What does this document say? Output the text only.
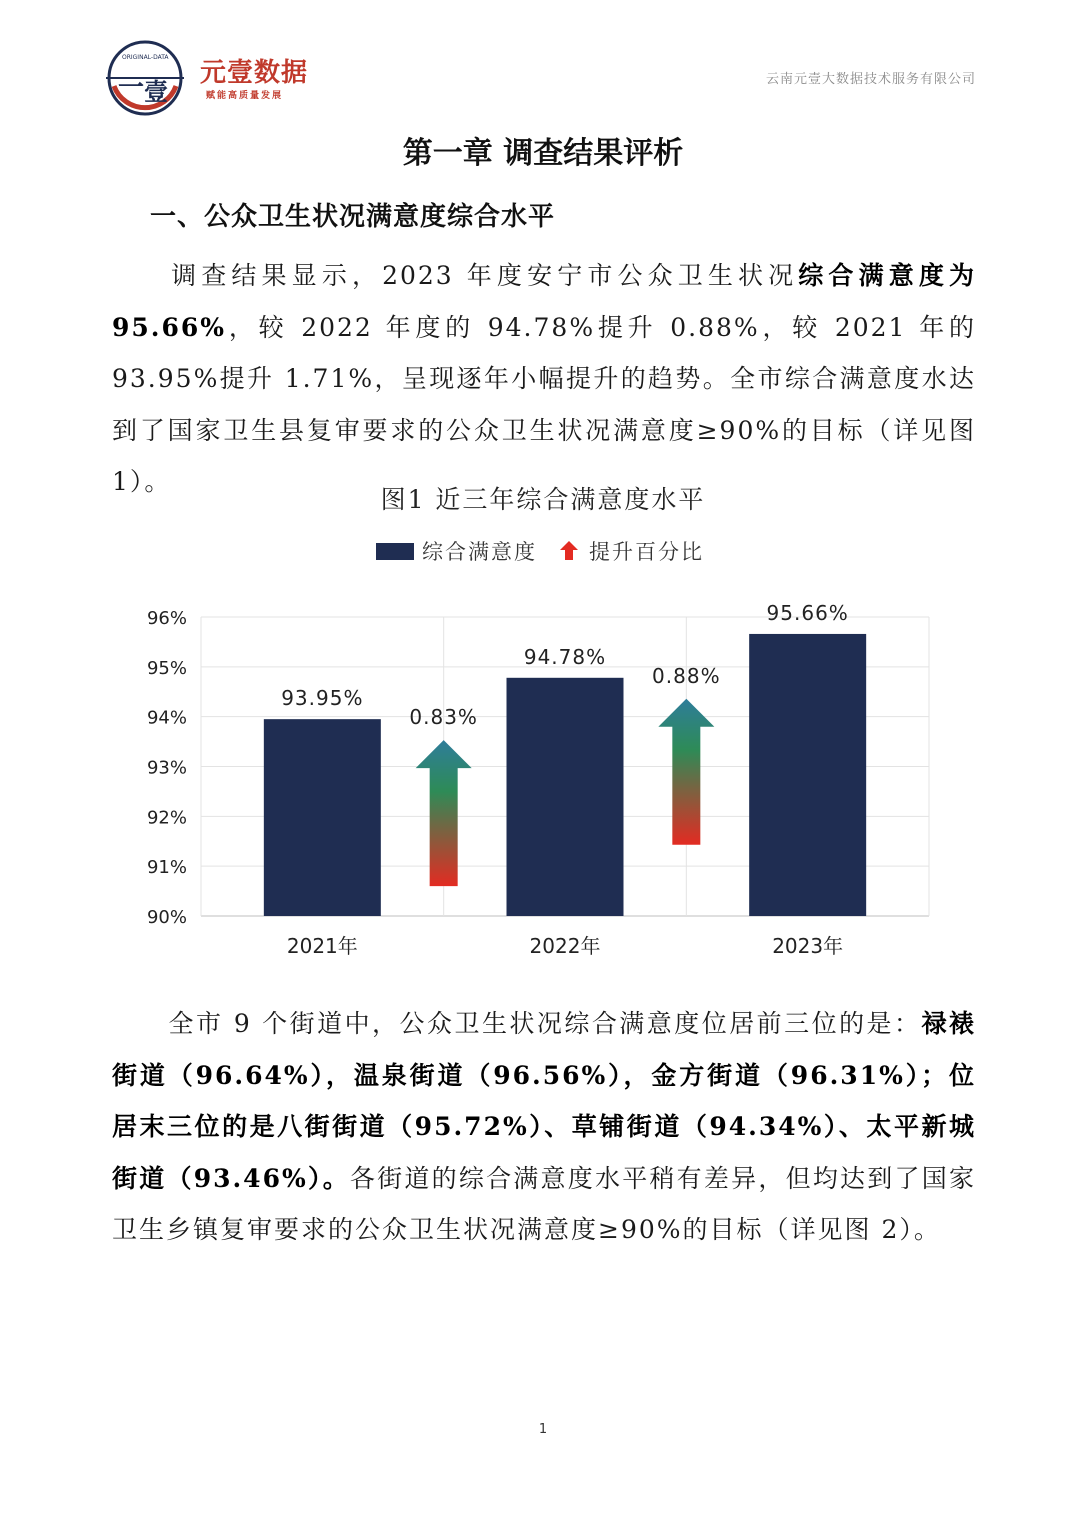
一 壹
ORIGINAL-DATA
元壹数据
赋能高质量发展
云南元壹大数据技术服务有限公司
第一章 调查结果评析
一、公众卫生状况满意度综合水平
调查结果显示，2023 年度安宁市公众卫生状况综合满意度为 95.66%，较 2022 年度的 94.78%提升 0.88%，较 2021 年的 93.95%提升 1.71%，呈现逐年小幅提升的趋势。全市综合满意度水达到了国家卫生县复审要求的公众卫生状况满意度≥90%的目标（详见图 1）。
图1 近三年综合满意度水平
综合满意度 提升百分比
90%
91%
92%
93%
94%
95%
96%
93.95%
2021年
94.78%
2022年
95.66%
2023年
0.83%
0.88%
全市 9 个街道中，公众卫生状况综合满意度位居前三位的是：禄裱街道（96.64%），温泉街道（96.56%），金方街道（96.31%）；位居末三位的是八街街道（95.72%）、草铺街道（94.34%）、太平新城街道（93.46%）。各街道的综合满意度水平稍有差异，但均达到了国家卫生乡镇复审要求的公众卫生状况满意度≥90%的目标（详见图 2）。
1
